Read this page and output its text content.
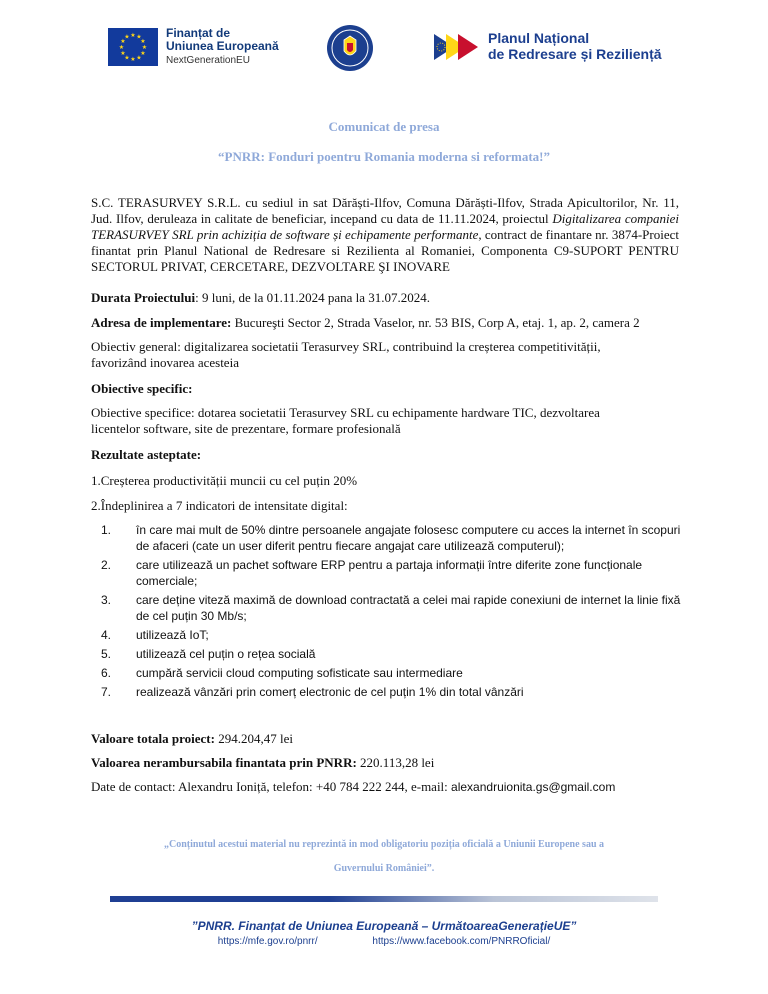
★ ★
★
★
★
★
★
★
★
★
★
★	Finanțat de
Uniunea Europeană
NextGenerationEU
Planul Național
de Redresare și Reziliență
Comunicat de presa
“PNRR: Fonduri poentru Romania moderna si reformata!”
S.C. TERASURVEY S.R.L. cu sediul in sat Dărăști-Ilfov, Comuna Dărăști-Ilfov, Strada Apicultorilor, Nr. 11, Jud. Ilfov, deruleaza in calitate de beneficiar, incepand cu data de 11.11.2024, proiectul Digitalizarea companiei TERASURVEY SRL prin achiziția de software și echipamente performante, contract de finantare nr. 3874-Proiect finantat prin Planul National de Redresare si Rezilienta al Romaniei, Componenta C9-SUPORT PENTRU SECTORUL PRIVAT, CERCETARE, DEZVOLTARE ŞI INOVARE
Durata Proiectului: 9 luni, de la 01.11.2024 pana la 31.07.2024.
Adresa de implementare: Bucureşti Sector 2, Strada Vaselor, nr. 53 BIS, Corp A, etaj. 1, ap. 2, camera 2
Obiectiv general: digitalizarea societatii Terasurvey SRL, contribuind la creșterea competitivității, favorizând inovarea acesteia
Obiective specific:
Obiective specifice: dotarea societatii Terasurvey SRL cu echipamente hardware TIC, dezvoltarea licentelor software, site de prezentare, formare profesională
Rezultate asteptate:
1.Creșterea productivității muncii cu cel puțin 20%
2.Îndeplinirea a 7 indicatori de intensitate digital:
1. în care mai mult de 50% dintre persoanele angajate folosesc computere cu acces la internet în scopuri de afaceri (cate un user diferit pentru fiecare angajat care utilizează computerul);
2. care utilizează un pachet software ERP pentru a partaja informații între diferite zone funcționale comerciale;
3. care deține viteză maximă de download contractată a celei mai rapide conexiuni de internet la linie fixă de cel puțin 30 Mb/s;
4. utilizeazǎ IoT;
5. utilizează cel puțin o rețea socială
6. cumpără servicii cloud computing sofisticate sau intermediare
7. realizează vânzări prin comerț electronic de cel puțin 1% din total vânzări
Valoare totala proiect: 294.204,47 lei
Valoarea nerambursabila finantata prin PNRR: 220.113,28 lei
Date de contact: Alexandru Ioniță, telefon: +40 784 222 244, e-mail: alexandruionita.gs@gmail.com
„Conținutul acestui material nu reprezintă in mod obligatoriu poziția oficială a Uniunii Europene sau a
Guvernului României”.
”PNRR. Finanțat de Uniunea Europeană – UrmătoareaGenerațieUE”
https://mfe.gov.ro/pnrr/	https://www.facebook.com/PNRROficial/
